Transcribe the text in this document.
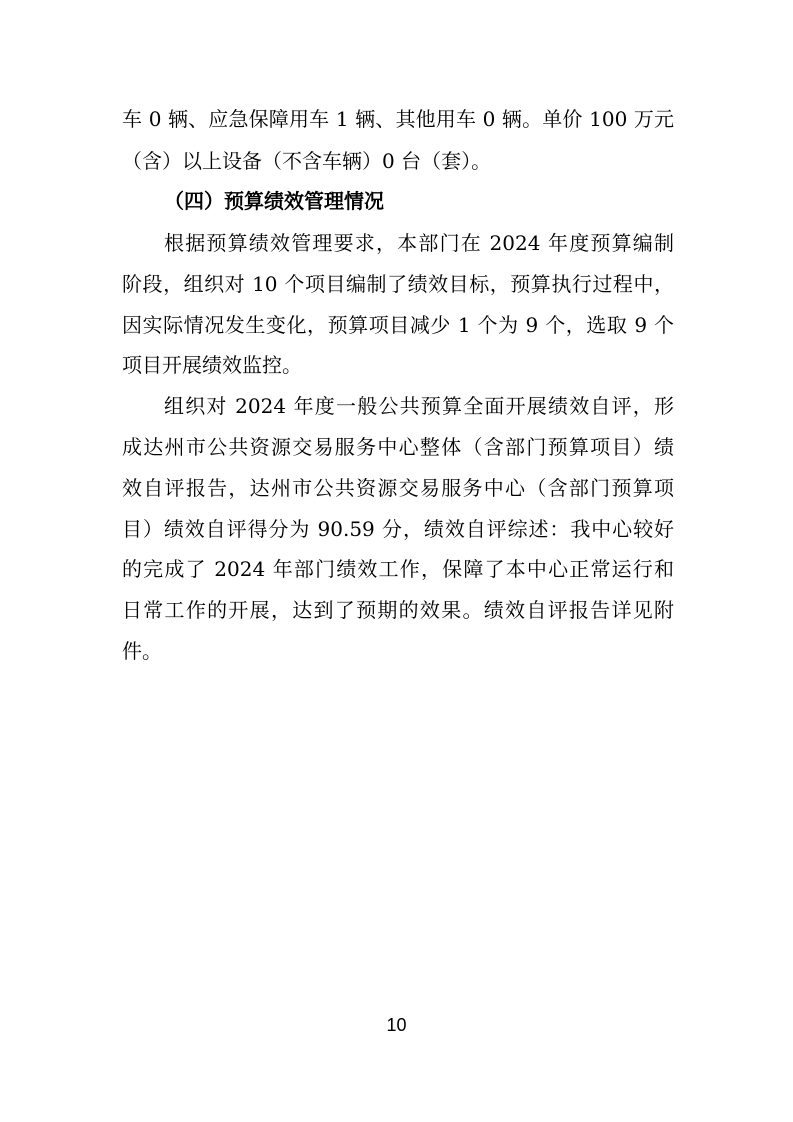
车 0 辆、应急保障用车 1 辆、其他用车 0 辆。单价 100 万元
（含）以上设备（不含车辆）0 台（套）。
（四）预算绩效管理情况
根据预算绩效管理要求，本部门在 2024 年度预算编制
阶段，组织对 10 个项目编制了绩效目标，预算执行过程中，
因实际情况发生变化，预算项目减少 1 个为 9 个，选取 9 个
项目开展绩效监控。
组织对 2024 年度一般公共预算全面开展绩效自评，形
成达州市公共资源交易服务中心整体（含部门预算项目）绩
效自评报告，达州市公共资源交易服务中心（含部门预算项
目）绩效自评得分为 90.59 分，绩效自评综述：我中心较好
的完成了 2024 年部门绩效工作，保障了本中心正常运行和
日常工作的开展，达到了预期的效果。绩效自评报告详见附
件。
10
